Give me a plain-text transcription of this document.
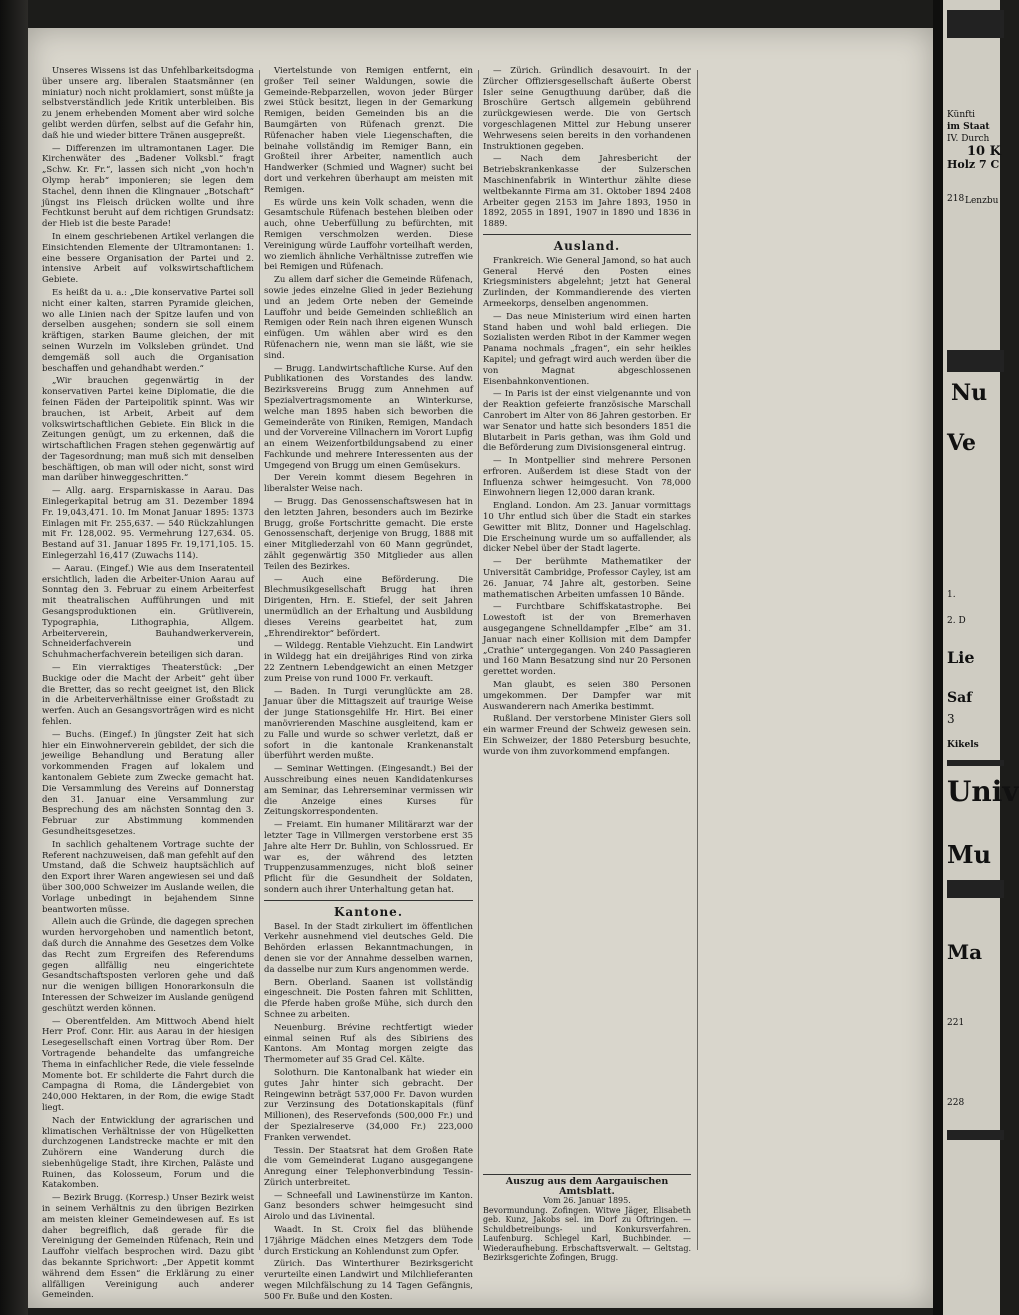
Unseres Wissens ist das Unfehlbarkeitsdogma über unsere arg. liberalen Staatsmänner (en miniatur) noch nicht proklamiert, sonst müßte ja selbstverständlich jede Kritik unterbleiben. Bis zu jenem erhebenden Moment aber wird solche gelibt werden dürfen, selbst auf die Gefahr hin, daß hie und wieder bittere Tränen ausgepreßt.

— Differenzen im ultramontanen Lager. Die Kirchenwäter des „Badener Volksbl.“ fragt „Schw. Kr. Fr.“, lassen sich nicht „von hoch'n Olymp herab“ imponieren; sie legen dem Stachel, denn ihnen die Klingnauer „Botschaft“ jüngst ins Fleisch drücken wollte und ihre Fechtkunst beruht auf dem richtigen Grundsatz: der Hieb ist die beste Parade!

In einem geschriebenen Artikel verlangen die Einsichtenden Elemente der Ultramontanen: 1. eine bessere Organisation der Partei und 2. intensive Arbeit auf volkswirtschaftlichem Gebiete.

Es heißt da u. a.: „Die konservative Partei soll nicht einer kalten, starren Pyramide gleichen, wo alle Linien nach der Spitze laufen und von derselben ausgehen; sondern sie soll einem kräftigen, starken Baume gleichen, der mit seinen Wurzeln im Volksleben gründet. Und demgemäß soll auch die Organisation beschaffen und gehandhabt werden.“

„Wir brauchen gegenwärtig in der konservativen Partei keine Diplomatie, die die feinen Fäden der Parteipolitik spinnt. Was wir brauchen, ist Arbeit, Arbeit auf dem volkswirtschaftlichen Gebiete. Ein Blick in die Zeitungen genügt, um zu erkennen, daß die wirtschaftlichen Fragen stehen gegenwärtig auf der Tagesordnung; man muß sich mit denselben beschäftigen, ob man will oder nicht, sonst wird man darüber hinweggeschritten.“

— Allg. aarg. Ersparniskasse in Aarau. Das Einlegerkapital betrug am 31. Dezember 1894 Fr. 19,043,471. 10. Im Monat Januar 1895: 1373 Einlagen mit Fr. 255,637. — 540 Rückzahlungen mit Fr. 128,002. 95. Vermehrung 127,634. 05. Bestand auf 31. Januar 1895 Fr. 19,171,105. 15. Einlegerzahl 16,417 (Zuwachs 114).

— Aarau. (Eingef.) Wie aus dem Inseratenteil ersichtlich, laden die Arbeiter-Union Aarau auf Sonntag den 3. Februar zu einem Arbeiterfest mit theatralischen Aufführungen und mit Gesangsproduktionen ein. Grütliverein, Typographia, Lithographia, Allgem. Arbeiterverein, Bauhandwerkerverein, Schneiderfachverein und Schuhmacherfachverein beteiligen sich daran.

— Ein vierraktiges Theaterstück: „Der Buckige oder die Macht der Arbeit“ geht über die Bretter, das so recht geeignet ist, den Blick in die Arbeiterverhältnisse einer Großstadt zu werfen. Auch an Gesangsvorträgen wird es nicht fehlen.

— Buchs. (Eingef.) In jüngster Zeit hat sich hier ein Einwohnerverein gebildet, der sich die jeweilige Behandlung und Beratung aller vorkommenden Fragen auf lokalem und kantonalem Gebiete zum Zwecke gemacht hat. Die Versammlung des Vereins auf Donnerstag den 31. Januar eine Versammlung zur Besprechung des am nächsten Sonntag den 3. Februar zur Abstimmung kommenden Gesundheitsgesetzes.

In sachlich gehaltenem Vortrage suchte der Referent nachzuweisen, daß man gefehlt auf den Umstand, daß die Schweiz hauptsächlich auf den Export ihrer Waren angewiesen sei und daß über 300,000 Schweizer im Auslande weilen, die Vorlage unbedingt in bejahendem Sinne beantworten müsse.

Allein auch die Gründe, die dagegen sprechen wurden hervorgehoben und namentlich betont, daß durch die Annahme des Gesetzes dem Volke das Recht zum Ergreifen des Referendums gegen allfällig neu eingerichtete Gesandtschaftsposten verloren gehe und daß nur die wenigen billigen Honorarkonsuln die Interessen der Schweizer im Auslande genügend geschützt werden können.

— Oberentfelden. Am Mittwoch Abend hielt Herr Prof. Conr. Hir. aus Aarau in der hiesigen Lesegesellschaft einen Vortrag über Rom. Der Vortragende behandelte das umfangreiche Thema in einfachlicher Rede, die viele fesselnde Momente bot. Er schilderte die Fahrt durch die Campagna di Roma, die Ländergebiet von 240,000 Hektaren, in der Rom, die ewige Stadt liegt.

Nach der Entwicklung der agrarischen und klimatischen Verhältnisse der von Hügelketten durchzogenen Landstrecke machte er mit den Zuhörern eine Wanderung durch die siebenhügelige Stadt, ihre Kirchen, Paläste und Ruinen, das Kolosseum, Forum und die Katakomben.

— Bezirk Brugg. (Korresp.) Unser Bezirk weist in seinem Verhältnis zu den übrigen Bezirken am meisten kleiner Gemeindewesen auf. Es ist daher begreiflich, daß gerade für die Vereinigung der Gemeinden Rüfenach, Rein und Lauffohr vielfach besprochen wird. Dazu gibt das bekannte Sprichwort: „Der Appetit kommt während dem Essen“ die Erklärung zu einer allfälligen Vereinigung auch anderer Gemeinden.

Viertelstunde von Remigen entfernt, ein großer Teil seiner Waldungen, sowie die Gemeinde-Rebparzellen, wovon jeder Bürger zwei Stück besitzt, liegen in der Gemarkung Remigen, beiden Gemeinden bis an die Baumgärten von Rüfenach grenzt. Die Rüfenacher haben viele Liegenschaften, die beinahe vollständig im Remiger Bann, ein Großteil ihrer Arbeiter, namentlich auch Handwerker (Schmied und Wagner) sucht bei dort und verkehren überhaupt am meisten mit Remigen.

Es würde uns kein Volk schaden, wenn die Gesamtschule Rüfenach bestehen bleiben oder auch, ohne Ueberfüllung zu befürchten, mit Remigen verschmolzen werden. Diese Vereinigung würde Lauffohr vorteilhaft werden, wo ziemlich ähnliche Verhältnisse zutreffen wie bei Remigen und Rüfenach.

Zu allem darf sicher die Gemeinde Rüfenach, sowie jedes einzelne Glied in jeder Beziehung und an jedem Orte neben der Gemeinde Lauffohr und beide Gemeinden schließlich an Remigen oder Rein nach ihren eigenen Wunsch einfügen. Um wählen aber wird es den Rüfenachern nie, wenn man sie läßt, wie sie sind.

— Brugg. Landwirtschaftliche Kurse. Auf den Publikationen des Vorstandes des landw. Bezirksvereins Brugg zum Annehmen auf Spezialvertragsmomente an Winterkurse, welche man 1895 haben sich beworben die Gemeinderäte von Riniken, Remigen, Mandach und der Vorvereine Villnachern im Vorort Lupfig an einem Weizenfortbildungsabend zu einer Fachkunde und mehrere Interessenten aus der Umgegend von Brugg um einen Gemüsekurs.

Der Verein kommt diesem Begehren in liberalster Weise nach.

— Brugg. Das Genossenschaftswesen hat in den letzten Jahren, besonders auch im Bezirke Brugg, große Fortschritte gemacht. Die erste Genossenschaft, derjenige von Brugg, 1888 mit einer Mitgliederzahl von 60 Mann gegründet, zählt gegenwärtig 350 Mitglieder aus allen Teilen des Bezirkes.

— Auch eine Beförderung. Die Blechmusikgesellschaft Brugg hat ihren Dirigenten, Hrn. E. Stiefel, der seit Jahren unermüdlich an der Erhaltung und Ausbildung dieses Vereins gearbeitet hat, zum „Ehrendirektor“ befördert.

— Wildegg. Rentable Viehzucht. Ein Landwirt in Wildegg hat ein dreijähriges Rind von zirka 22 Zentnern Lebendgewicht an einen Metzger zum Preise von rund 1000 Fr. verkauft.

— Baden. In Turgi verunglückte am 28. Januar über die Mittagszeit auf traurige Weise der junge Stationsgehilfe Hr. Hirt. Bei einer manövrierenden Maschine ausgleitend, kam er zu Falle und wurde so schwer verletzt, daß er sofort in die kantonale Krankenanstalt überführt werden mußte.

— Seminar Wettingen. (Eingesandt.) Bei der Ausschreibung eines neuen Kandidatenkurses am Seminar, das Lehrerseminar vermissen wir die Anzeige eines Kurses für Zeitungskorrespondenten.

— Freiamt. Ein humaner Militärarzt war der letzter Tage in Villmergen verstorbene erst 35 Jahre alte Herr Dr. Buhlin, von Schlossrued. Er war es, der während des letzten Truppenzusammenzuges, nicht bloß seiner Pflicht für die Gesundheit der Soldaten, sondern auch ihrer Unterhaltung getan hat.

Kantone.

Basel. In der Stadt zirkuliert im öffentlichen Verkehr ausnehmend viel deutsches Geld. Die Behörden erlassen Bekanntmachungen, in denen sie vor der Annahme desselben warnen, da dasselbe nur zum Kurs angenommen werde.

Bern. Oberland. Saanen ist vollständig eingeschneit. Die Posten fahren mit Schlitten, die Pferde haben große Mühe, sich durch den Schnee zu arbeiten.

Neuenburg. Brévine rechtfertigt wieder einmal seinen Ruf als des Sibiriens des Kantons. Am Montag morgen zeigte das Thermometer auf 35 Grad Cel. Kälte.

Solothurn. Die Kantonalbank hat wieder ein gutes Jahr hinter sich gebracht. Der Reingewinn beträgt 537,000 Fr. Davon wurden zur Verzinsung des Dotationskapitals (fünf Millionen), des Reservefonds (500,000 Fr.) und der Spezialreserve (34,000 Fr.) 223,000 Franken verwendet.

Tessin. Der Staatsrat hat dem Großen Rate die vom Gemeinderat Lugano ausgegangene Anregung einer Telephonverbindung Tessin-Zürich unterbreitet.

— Schneefall und Lawinenstürze im Kanton. Ganz besonders schwer heimgesucht sind Airolo und das Livinental.

Waadt. In St. Croix fiel das blühende 17jährige Mädchen eines Metzgers dem Tode durch Erstickung an Kohlendunst zum Opfer.

Zürich. Das Winterthurer Bezirksgericht verurteilte einen Landwirt und Milchlieferanten wegen Milchfälschung zu 14 Tagen Gefängnis, 500 Fr. Buße und den Kosten.

— Zürich. Gründlich desavouirt. In der Zürcher Offiziersgesellschaft äußerte Oberst Isler seine Genugthuung darüber, daß die Broschüre Gertsch allgemein gebührend zurückgewiesen werde. Die von Gertsch vorgeschlagenen Mittel zur Hebung unserer Wehrwesens seien bereits in den vorhandenen Instruktionen gegeben.

— Nach dem Jahresbericht der Betriebskrankenkasse der Sulzerschen Maschinenfabrik in Winterthur zählte diese weltbekannte Firma am 31. Oktober 1894 2408 Arbeiter gegen 2153 im Jahre 1893, 1950 in 1892, 2055 in 1891, 1907 in 1890 und 1836 in 1889.

Ausland.

Frankreich. Wie General Jamond, so hat auch General Hervé den Posten eines Kriegsministers abgelehnt; jetzt hat General Zurlinden, der Kommandierende des vierten Armeekorps, denselben angenommen.

— Das neue Ministerium wird einen harten Stand haben und wohl bald erliegen. Die Sozialisten werden Ribot in der Kammer wegen Panama nochmals „fragen“, ein sehr heikles Kapitel; und gefragt wird auch werden über die von Magnat abgeschlossenen Eisenbahnkonventionen.

— In Paris ist der einst vielgenannte und von der Reaktion gefeierte französische Marschall Canrobert im Alter von 86 Jahren gestorben. Er war Senator und hatte sich besonders 1851 die Blutarbeit in Paris gethan, was ihm Gold und die Beförderung zum Divisionsgeneral eintrug.

— In Montpellier sind mehrere Personen erfroren. Außerdem ist diese Stadt von der Influenza schwer heimgesucht. Von 78,000 Einwohnern liegen 12,000 daran krank.

England. London. Am 23. Januar vormittags 10 Uhr entlud sich über die Stadt ein starkes Gewitter mit Blitz, Donner und Hagelschlag. Die Erscheinung wurde um so auffallender, als dicker Nebel über der Stadt lagerte.

— Der berühmte Mathematiker der Universität Cambridge, Professor Cayley, ist am 26. Januar, 74 Jahre alt, gestorben. Seine mathematischen Arbeiten umfassen 10 Bände.

— Furchtbare Schiffskatastrophe. Bei Lowestoft ist der von Bremerhaven ausgegangene Schnelldampfer „Elbe“ am 31. Januar nach einer Kollision mit dem Dampfer „Crathie“ untergegangen. Von 240 Passagieren und 160 Mann Besatzung sind nur 20 Personen gerettet worden.

Man glaubt, es seien 380 Personen umgekommen. Der Dampfer war mit Auswanderern nach Amerika bestimmt.

Rußland. Der verstorbene Minister Giers soll ein warmer Freund der Schweiz gewesen sein. Ein Schweizer, der 1880 Petersburg besuchte, wurde von ihm zuvorkommend empfangen.

Auszug aus dem Aargauischen Amtsblatt.
Vom 26. Januar 1895.
Bevormundung. Zofingen. Witwe Jäger, Elisabeth geb. Kunz, Jakobs sel. im Dorf zu Oftringen. — Schuldbetreibungs- und Konkursverfahren. Laufenburg. Schlegel Karl, Buchbinder. — Wiederaufhebung. Erbschaftsverwalt. — Geltstag. Bezirksgerichte Zofingen, Brugg.
Künfti
im Staat
IV. Durch
10 K
Holz 7 C
218 Lenzbu
Nu
Ve
1.
2. D
Lie
Saf
3
Kikels
Univ
Mu
Ma
221
228
